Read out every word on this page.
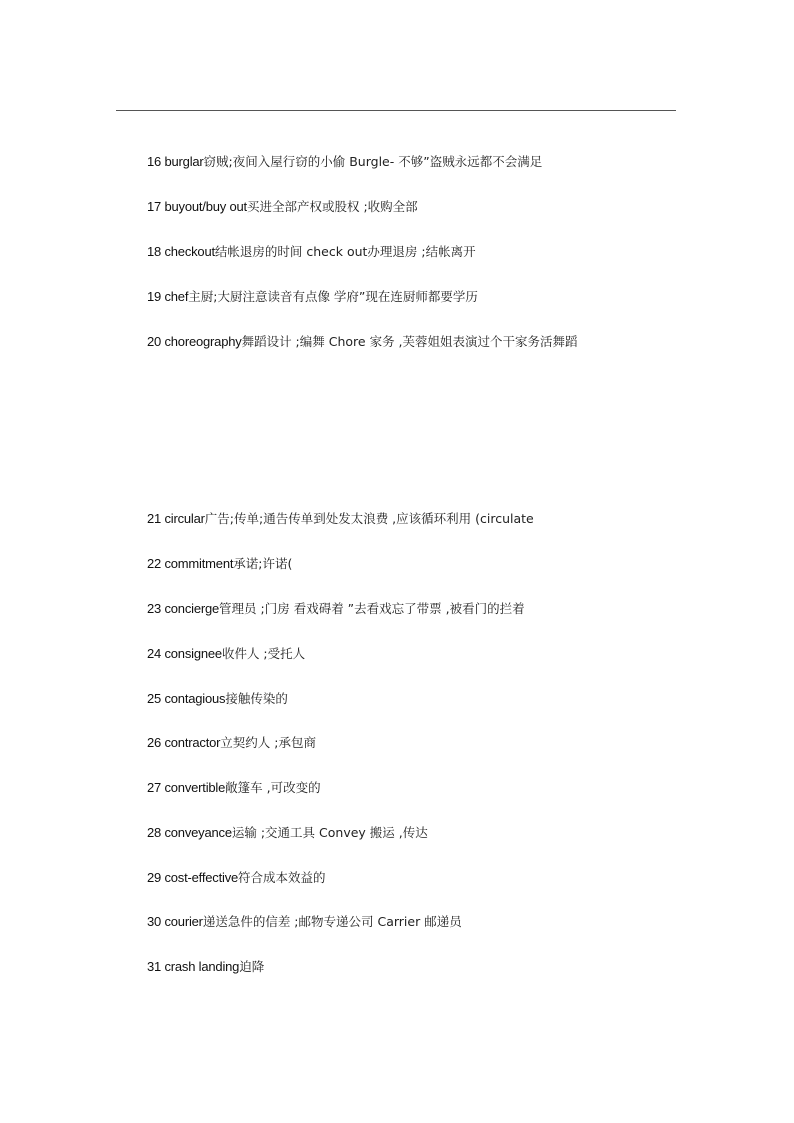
16 burglar窃贼;夜间入屋行窃的小偷 Burgle- 不够”盗贼永远都不会满足
17 buyout/buy out买进全部产权或股权 ;收购全部
18 checkout结帐退房的时间 check out办理退房 ;结帐离开
19 chef主厨;大厨注意读音有点像 学府”现在连厨师都要学历
20 choreography舞蹈设计 ;编舞 Chore 家务 ,芙蓉姐姐表演过个干家务活舞蹈
21 circular广告;传单;通告传单到处发太浪费 ,应该循环利用 (circulate
22 commitment承诺;许诺(
23 concierge管理员 ;门房 看戏碍着 ”去看戏忘了带票 ,被看门的拦着
24 consignee收件人 ;受托人
25 contagious接触传染的
26 contractor立契约人 ;承包商
27 convertible敞篷车 ,可改变的
28 conveyance运输 ;交通工具 Convey 搬运 ,传达
29 cost-effective符合成本效益的
30 courier递送急件的信差 ;邮物专递公司 Carrier 邮递员
31 crash landing迫降
